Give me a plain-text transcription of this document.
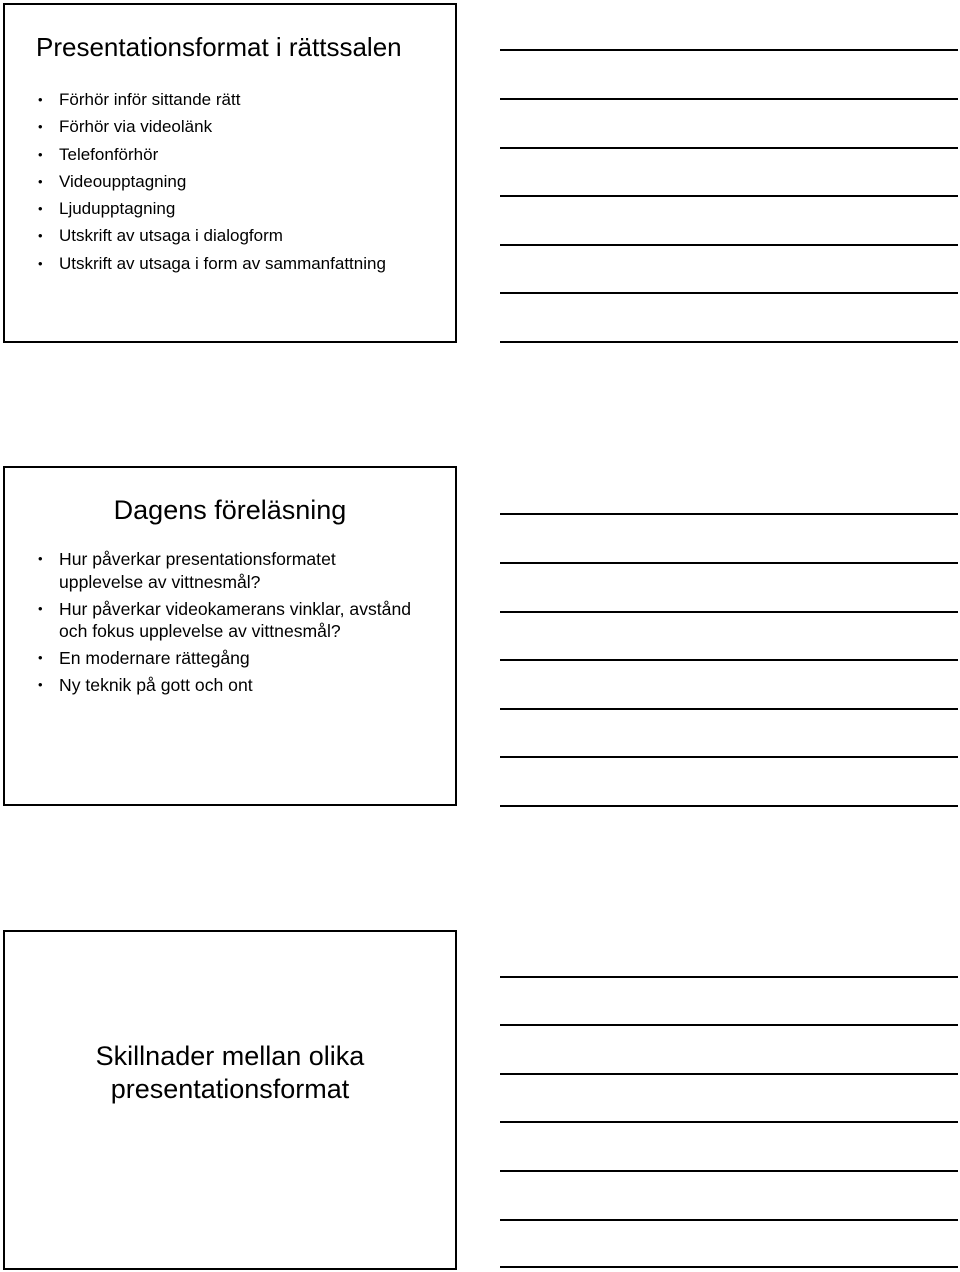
Presentationsformat i rättssalen
• Förhör inför sittande rätt
• Förhör via videolänk
• Telefonförhör
• Videoupptagning
• Ljudupptagning
• Utskrift av utsaga i dialogform
• Utskrift av utsaga i form av sammanfattning
Dagens föreläsning
• Hur påverkar presentationsformatet upplevelse av vittnesmål?
• Hur påverkar videokamerans vinklar, avstånd och fokus upplevelse av vittnesmål?
• En modernare rättegång
• Ny teknik på gott och ont
Skillnader mellan olika presentationsformat
